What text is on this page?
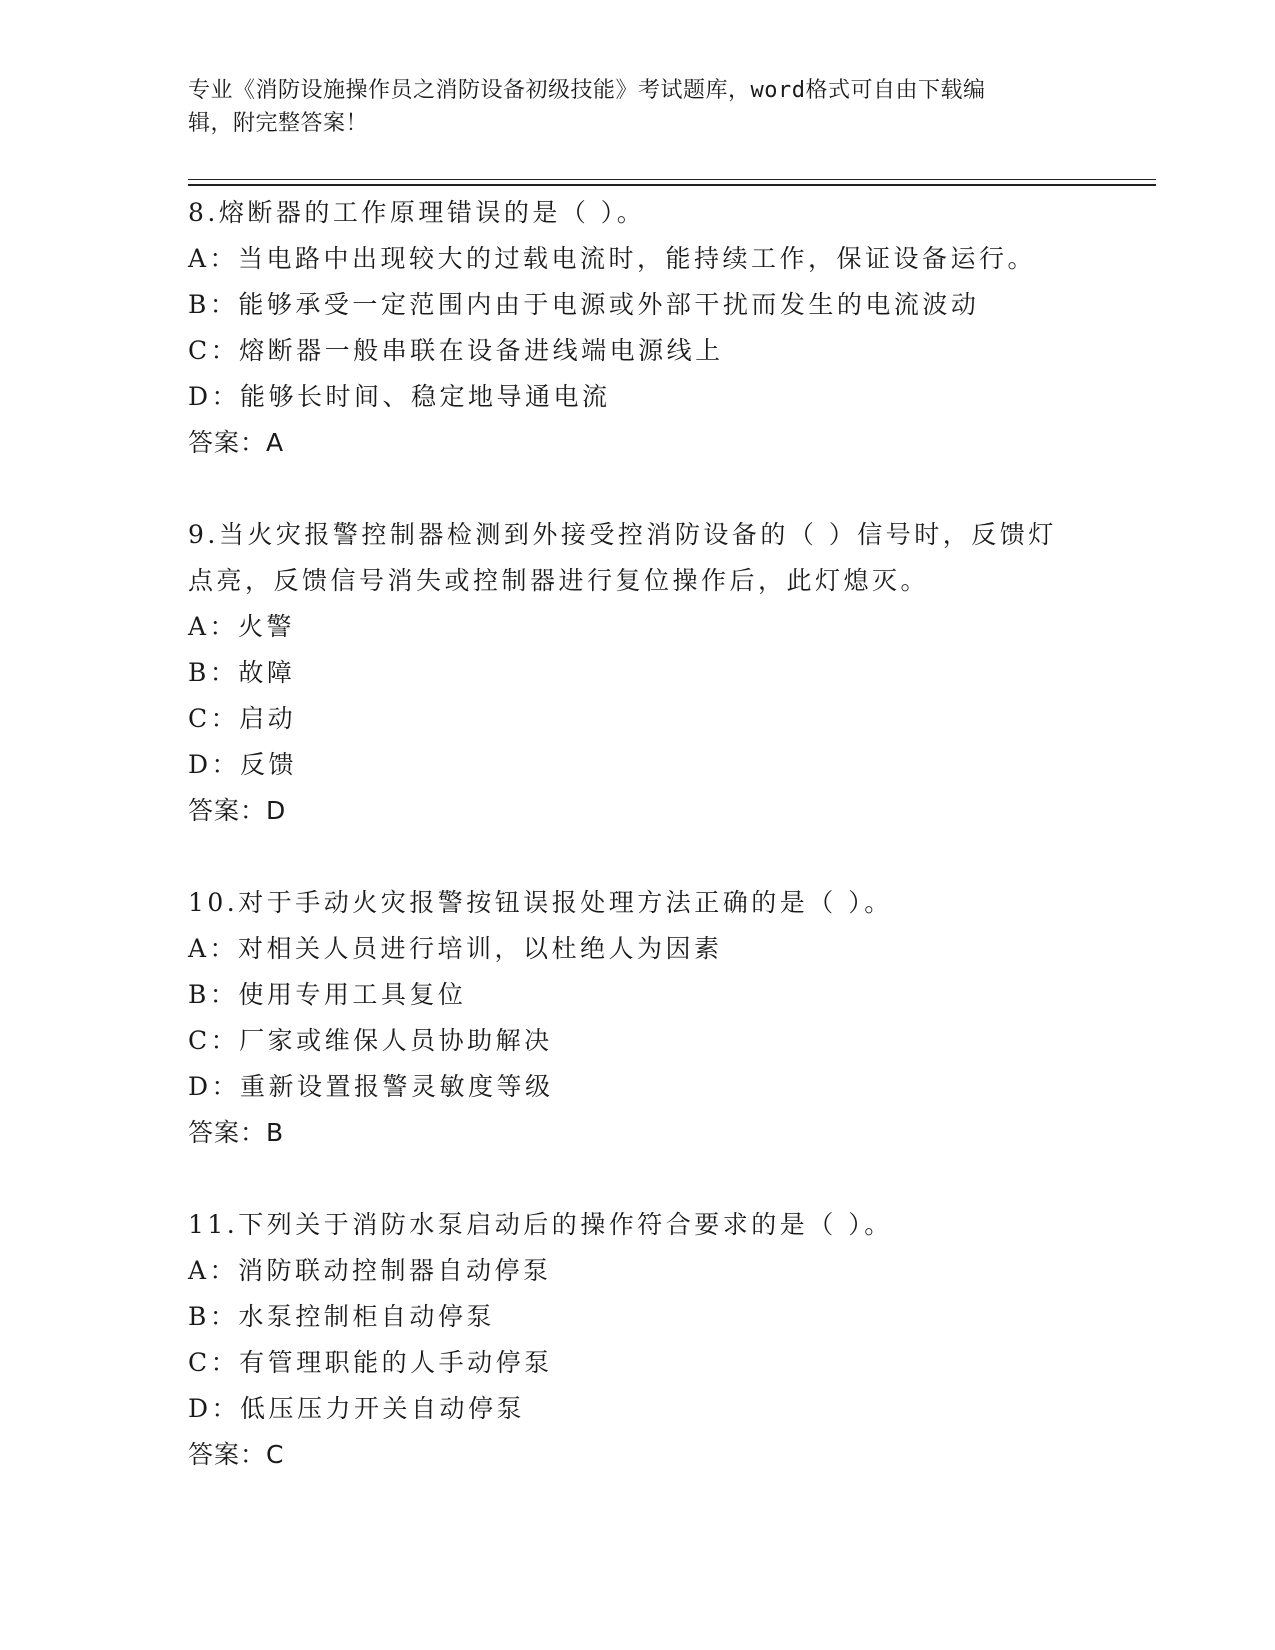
专业《消防设施操作员之消防设备初级技能》考试题库，word格式可自由下载编
辑，附完整答案！
8.熔断器的工作原理错误的是（ ）。
A：当电路中出现较大的过载电流时，能持续工作，保证设备运行。
B：能够承受一定范围内由于电源或外部干扰而发生的电流波动
C：熔断器一般串联在设备进线端电源线上
D：能够长时间、稳定地导通电流
答案：A
9.当火灾报警控制器检测到外接受控消防设备的（ ）信号时，反馈灯点亮，反馈信号消失或控制器进行复位操作后，此灯熄灭。
A：火警
B：故障
C：启动
D：反馈
答案：D
10.对于手动火灾报警按钮误报处理方法正确的是（ ）。
A：对相关人员进行培训，以杜绝人为因素
B：使用专用工具复位
C：厂家或维保人员协助解决
D：重新设置报警灵敏度等级
答案：B
11.下列关于消防水泵启动后的操作符合要求的是（ ）。
A：消防联动控制器自动停泵
B：水泵控制柜自动停泵
C：有管理职能的人手动停泵
D：低压压力开关自动停泵
答案：C
